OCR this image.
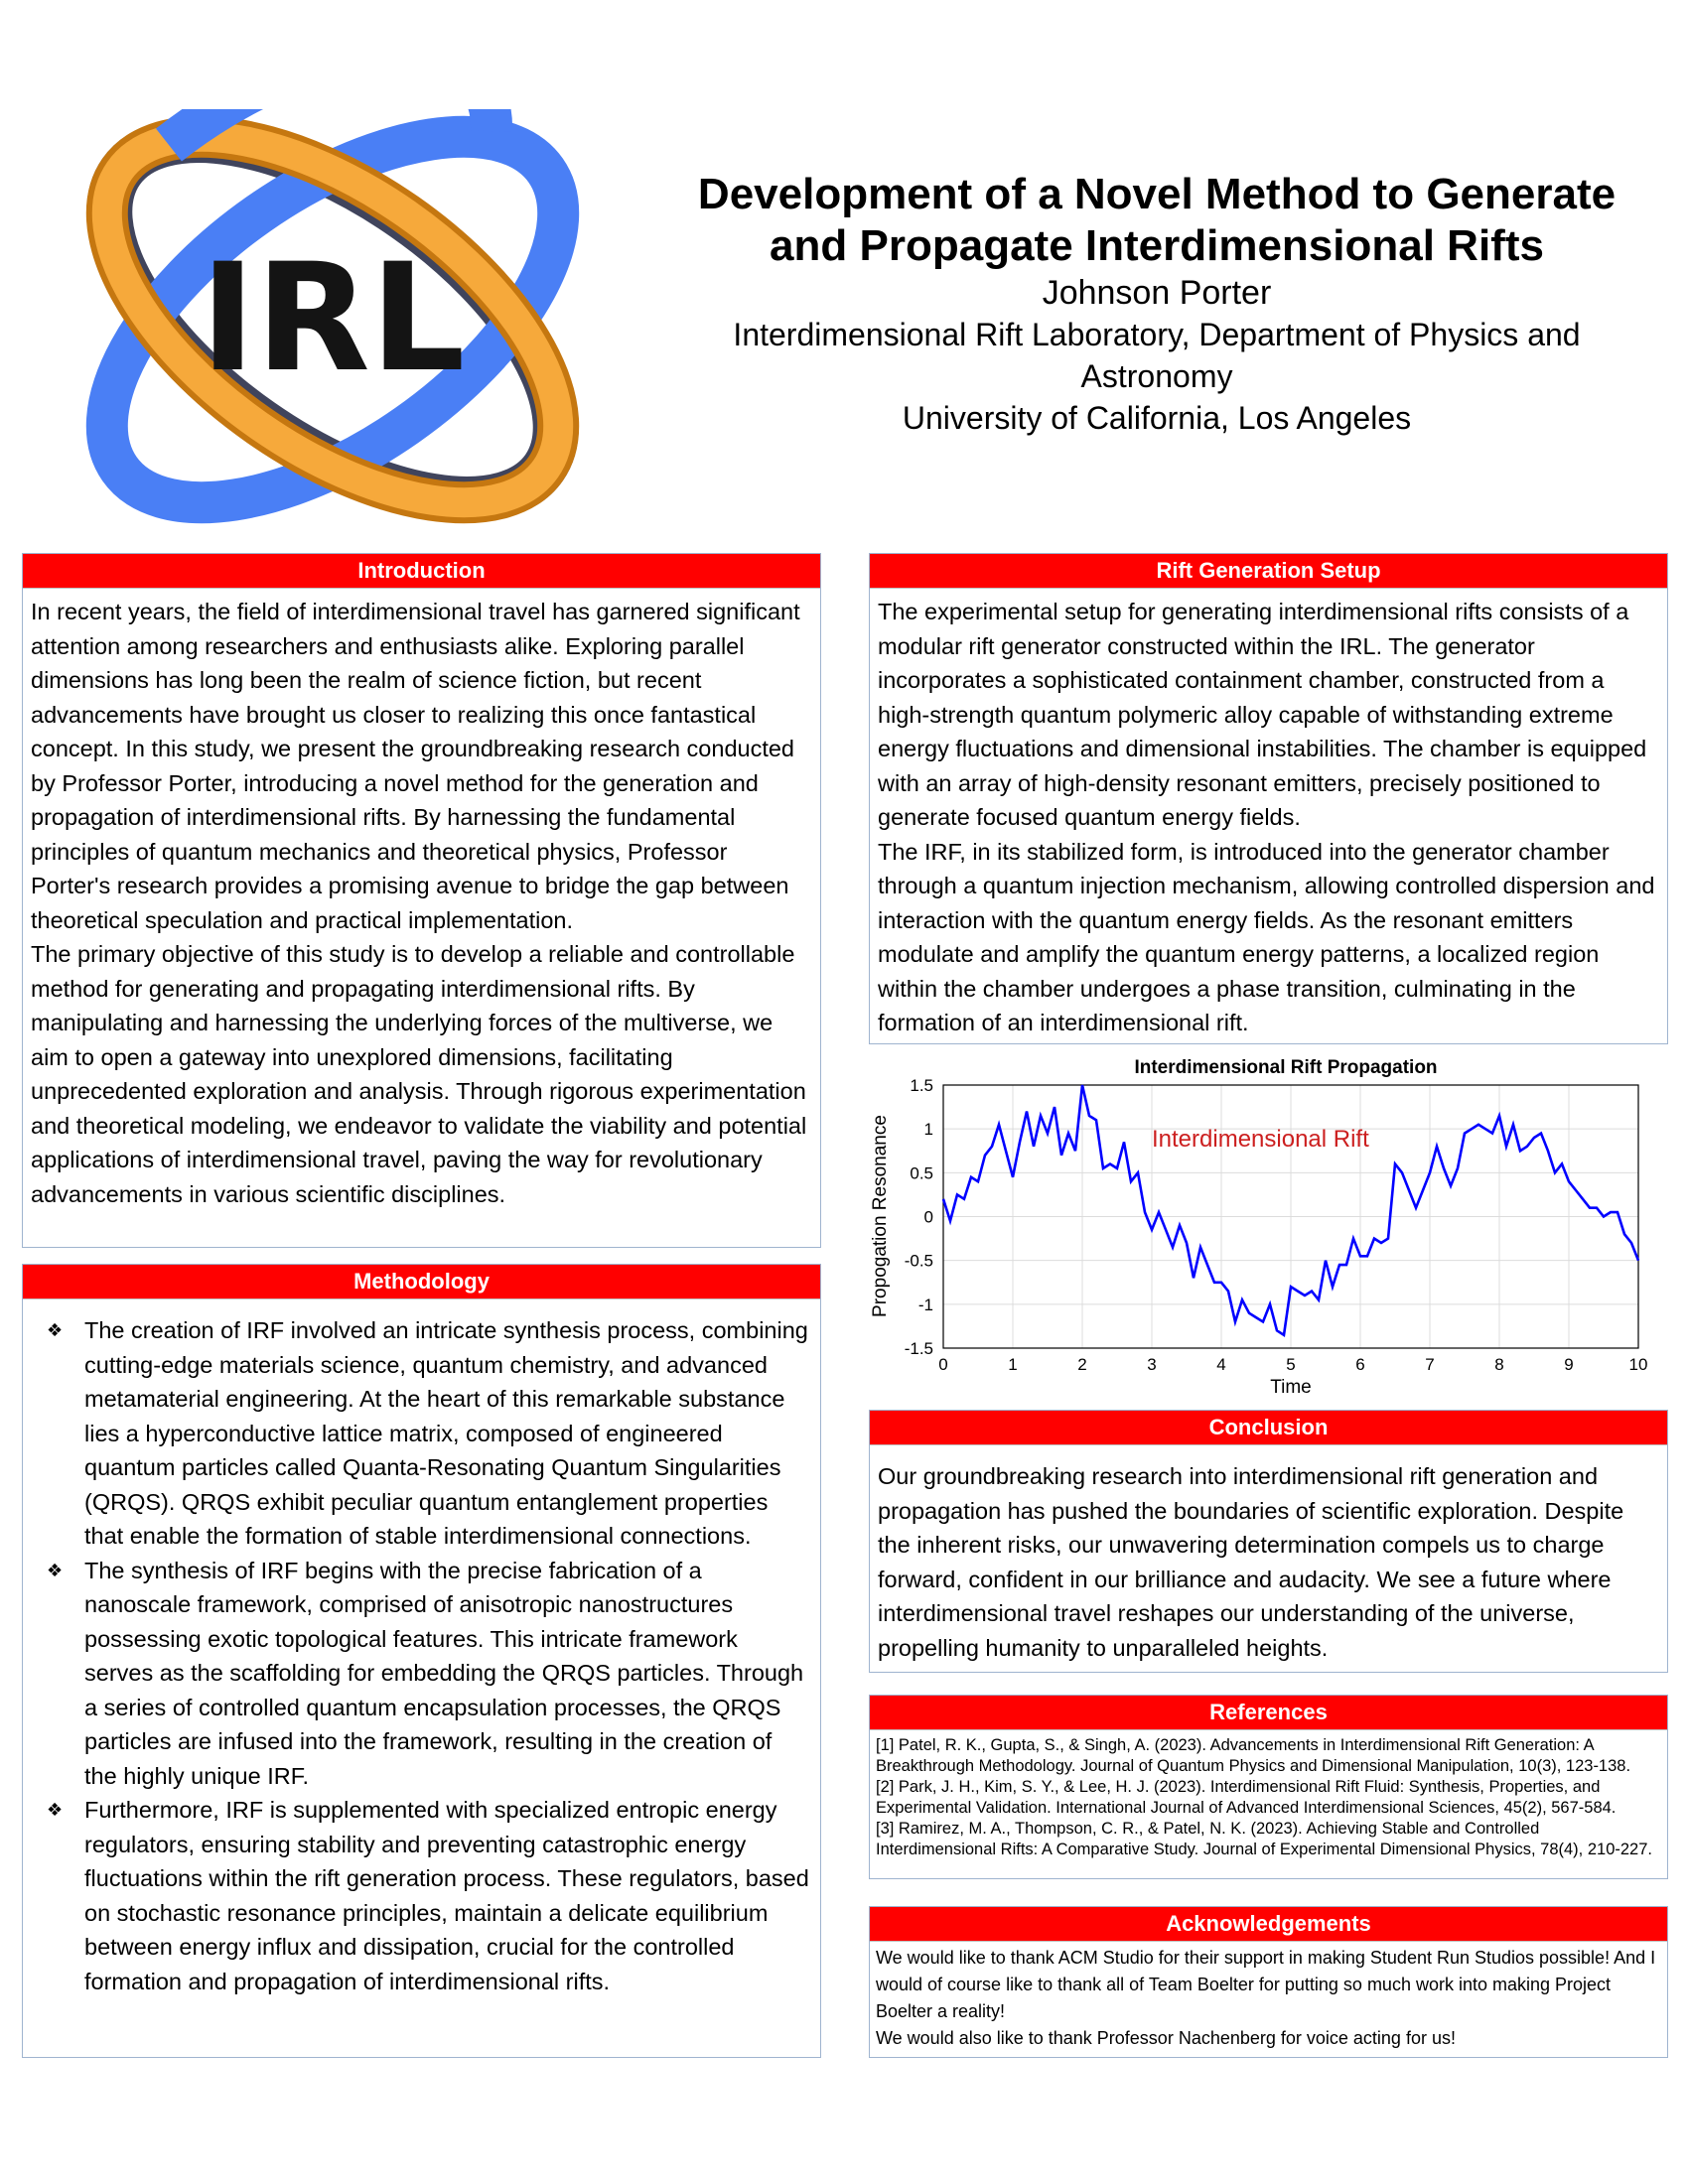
IRL

Development of a Novel Method to Generate

and Propagate Interdimensional Rifts

Johnson Porter

Interdimensional Rift Laboratory, Department of Physics and

Astronomy

University of California, Los Angeles

Introduction

In recent years, the field of interdimensional travel has garnered significant attention among researchers and enthusiasts alike. Exploring parallel dimensions has long been the realm of science fiction, but recent advancements have brought us closer to realizing this once fantastical concept. In this study, we present the groundbreaking research conducted by Professor Porter, introducing a novel method for the generation and propagation of interdimensional rifts. By harnessing the fundamental principles of quantum mechanics and theoretical physics, Professor Porter's research provides a promising avenue to bridge the gap between theoretical speculation and practical implementation.

The primary objective of this study is to develop a reliable and controllable method for generating and propagating interdimensional rifts. By manipulating and harnessing the underlying forces of the multiverse, we aim to open a gateway into unexplored dimensions, facilitating unprecedented exploration and analysis. Through rigorous experimentation and theoretical modeling, we endeavor to validate the viability and potential applications of interdimensional travel, paving the way for revolutionary advancements in various scientific disciplines.

Methodology
❖ The creation of IRF involved an intricate synthesis process, combining cutting-edge materials science, quantum chemistry, and advanced metamaterial engineering. At the heart of this remarkable substance lies a hyperconductive lattice matrix, composed of engineered quantum particles called Quanta-Resonating Quantum Singularities (QRQS). QRQS exhibit peculiar quantum entanglement properties that enable the formation of stable interdimensional connections.
❖ The synthesis of IRF begins with the precise fabrication of a nanoscale framework, comprised of anisotropic nanostructures possessing exotic topological features. This intricate framework serves as the scaffolding for embedding the QRQS particles. Through a series of controlled quantum encapsulation processes, the QRQS particles are infused into the framework, resulting in the creation of the highly unique IRF.
❖ Furthermore, IRF is supplemented with specialized entropic energy regulators, ensuring stability and preventing catastrophic energy fluctuations within the rift generation process. These regulators, based on stochastic resonance principles, maintain a delicate equilibrium between energy influx and dissipation, crucial for the controlled formation and propagation of interdimensional rifts.
Rift Generation Setup

The experimental setup for generating interdimensional rifts consists of a modular rift generator constructed within the IRL. The generator incorporates a sophisticated containment chamber, constructed from a high-strength quantum polymeric alloy capable of withstanding extreme energy fluctuations and dimensional instabilities. The chamber is equipped with an array of high-density resonant emitters, precisely positioned to generate focused quantum energy fields.

The IRF, in its stabilized form, is introduced into the generator chamber through a quantum injection mechanism, allowing controlled dispersion and interaction with the quantum energy fields. As the resonant emitters modulate and amplify the quantum energy patterns, a localized region within the chamber undergoes a phase transition, culminating in the formation of an interdimensional rift.

Interdimensional Rift Propagation
0	1	2	3	4	5	6	7	8	9	10
1.5
1
0.5
0
-0.5
-1
-1.5
Interdimensional Rift
Time
Propogation Resonance
Conclusion

Our groundbreaking research into interdimensional rift generation and propagation has pushed the boundaries of scientific exploration. Despite the inherent risks, our unwavering determination compels us to charge forward, confident in our brilliance and audacity. We see a future where interdimensional travel reshapes our understanding of the universe, propelling humanity to unparalleled heights.

References

[1] Patel, R. K., Gupta, S., & Singh, A. (2023). Advancements in Interdimensional Rift Generation: A Breakthrough Methodology. Journal of Quantum Physics and Dimensional Manipulation, 10(3), 123-138.

[2] Park, J. H., Kim, S. Y., & Lee, H. J. (2023). Interdimensional Rift Fluid: Synthesis, Properties, and Experimental Validation. International Journal of Advanced Interdimensional Sciences, 45(2), 567-584.

[3] Ramirez, M. A., Thompson, C. R., & Patel, N. K. (2023). Achieving Stable and Controlled Interdimensional Rifts: A Comparative Study. Journal of Experimental Dimensional Physics, 78(4), 210-227.

Acknowledgements

We would like to thank ACM Studio for their support in making Student Run Studios possible! And I would of course like to thank all of Team Boelter for putting so much work into making Project Boelter a reality!

We would also like to thank Professor Nachenberg for voice acting for us!
